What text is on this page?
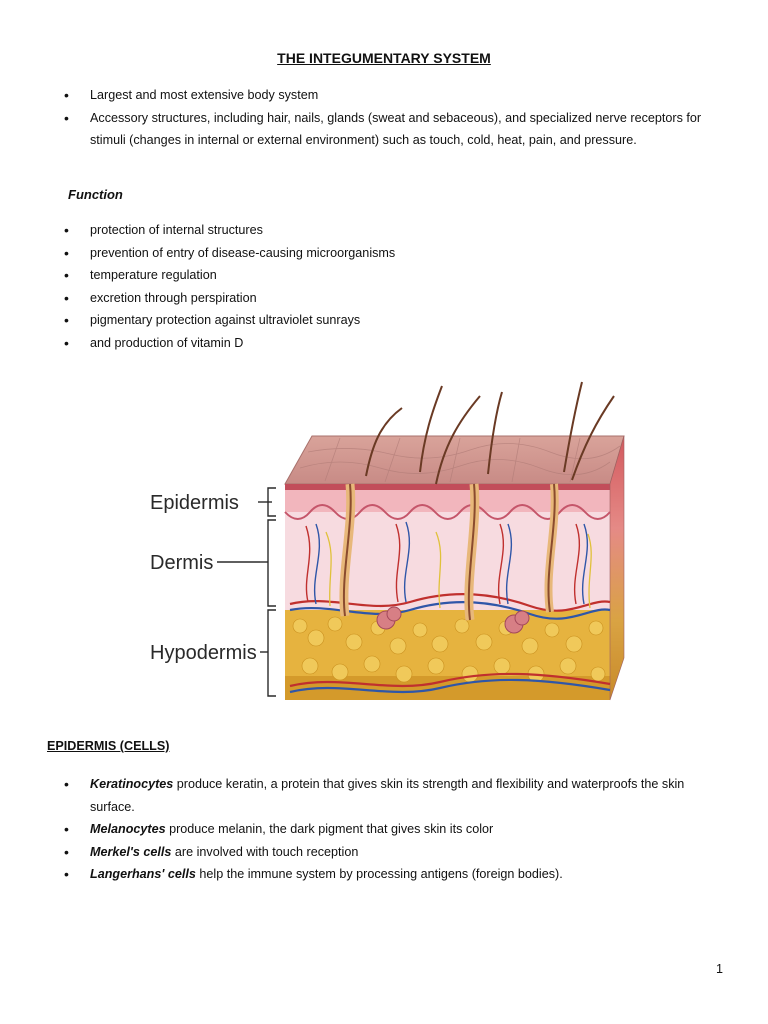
THE INTEGUMENTARY SYSTEM
• Largest and most extensive body system
• Accessory structures, including hair, nails, glands (sweat and sebaceous), and specialized nerve receptors for stimuli (changes in internal or external environment) such as touch, cold, heat, pain, and pressure.
Function
• protection of internal structures
• prevention of entry of disease-causing microorganisms
• temperature regulation
• excretion through perspiration
• pigmentary protection against ultraviolet sunrays
• and production of vitamin D
Epidermis
Dermis
Hypodermis
EPIDERMIS (CELLS)
• Keratinocytes produce keratin, a protein that gives skin its strength and flexibility and waterproofs the skin surface.
• Melanocytes produce melanin, the dark pigment that gives skin its color
• Merkel's cells are involved with touch reception
• Langerhans' cells help the immune system by processing antigens (foreign bodies).
1
